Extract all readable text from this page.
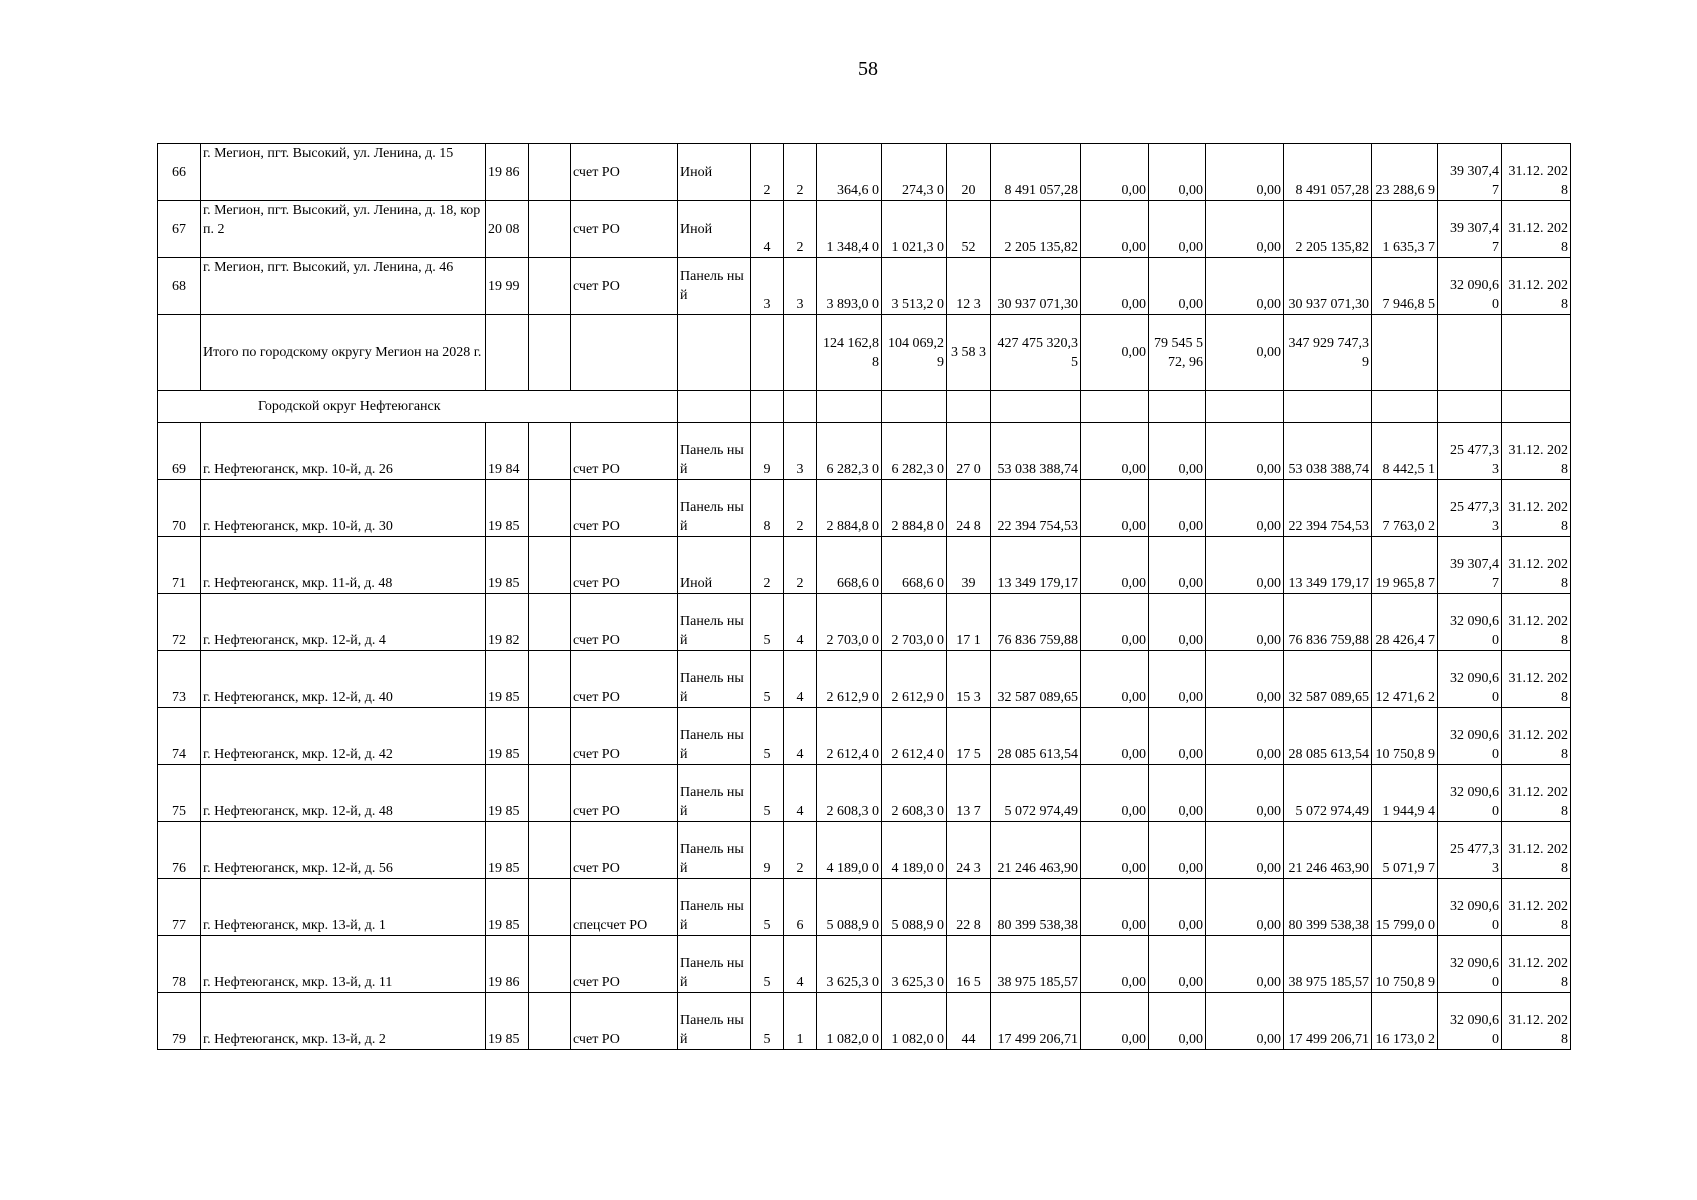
58
66	г. Мегион, пгт. Высокий, ул. Ленина, д. 15	19 86		счет РО	Иной	2	2	364,6 0	274,3 0	20	8 491 057,28	0,00	0,00	0,00	8 491 057,28	23 288,6 9	39 307,4 7	31.12. 2028
67	г. Мегион, пгт. Высокий, ул. Ленина, д. 18, корп. 2	20 08		счет РО	Иной	4	2	1 348,4 0	1 021,3 0	52	2 205 135,82	0,00	0,00	0,00	2 205 135,82	1 635,3 7	39 307,4 7	31.12. 2028
68	г. Мегион, пгт. Высокий, ул. Ленина, д. 46	19 99		счет РО	Панель ный	3	3	3 893,0 0	3 513,2 0	12 3	30 937 071,30	0,00	0,00	0,00	30 937 071,30	7 946,8 5	32 090,6 0	31.12. 2028
	Итого по городскому округу Мегион на 2028 г.							124 162,8 8	104 069,2 9	3 58 3	427 475 320,35	0,00	79 545 572, 96	0,00	347 929 747,39			
Городской округ Нефтеюганск																		
69	г. Нефтеюганск, мкр. 10-й, д. 26	19 84		счет РО	Панель ный	9	3	6 282,3 0	6 282,3 0	27 0	53 038 388,74	0,00	0,00	0,00	53 038 388,74	8 442,5 1	25 477,3 3	31.12. 2028
70	г. Нефтеюганск, мкр. 10-й, д. 30	19 85		счет РО	Панель ный	8	2	2 884,8 0	2 884,8 0	24 8	22 394 754,53	0,00	0,00	0,00	22 394 754,53	7 763,0 2	25 477,3 3	31.12. 2028
71	г. Нефтеюганск, мкр. 11-й, д. 48	19 85		счет РО	Иной	2	2	668,6 0	668,6 0	39	13 349 179,17	0,00	0,00	0,00	13 349 179,17	19 965,8 7	39 307,4 7	31.12. 2028
72	г. Нефтеюганск, мкр. 12-й, д. 4	19 82		счет РО	Панель ный	5	4	2 703,0 0	2 703,0 0	17 1	76 836 759,88	0,00	0,00	0,00	76 836 759,88	28 426,4 7	32 090,6 0	31.12. 2028
73	г. Нефтеюганск, мкр. 12-й, д. 40	19 85		счет РО	Панель ный	5	4	2 612,9 0	2 612,9 0	15 3	32 587 089,65	0,00	0,00	0,00	32 587 089,65	12 471,6 2	32 090,6 0	31.12. 2028
74	г. Нефтеюганск, мкр. 12-й, д. 42	19 85		счет РО	Панель ный	5	4	2 612,4 0	2 612,4 0	17 5	28 085 613,54	0,00	0,00	0,00	28 085 613,54	10 750,8 9	32 090,6 0	31.12. 2028
75	г. Нефтеюганск, мкр. 12-й, д. 48	19 85		счет РО	Панель ный	5	4	2 608,3 0	2 608,3 0	13 7	5 072 974,49	0,00	0,00	0,00	5 072 974,49	1 944,9 4	32 090,6 0	31.12. 2028
76	г. Нефтеюганск, мкр. 12-й, д. 56	19 85		счет РО	Панель ный	9	2	4 189,0 0	4 189,0 0	24 3	21 246 463,90	0,00	0,00	0,00	21 246 463,90	5 071,9 7	25 477,3 3	31.12. 2028
77	г. Нефтеюганск, мкр. 13-й, д. 1	19 85		спецсчет РО	Панель ный	5	6	5 088,9 0	5 088,9 0	22 8	80 399 538,38	0,00	0,00	0,00	80 399 538,38	15 799,0 0	32 090,6 0	31.12. 2028
78	г. Нефтеюганск, мкр. 13-й, д. 11	19 86		счет РО	Панель ный	5	4	3 625,3 0	3 625,3 0	16 5	38 975 185,57	0,00	0,00	0,00	38 975 185,57	10 750,8 9	32 090,6 0	31.12. 2028
79	г. Нефтеюганск, мкр. 13-й, д. 2	19 85		счет РО	Панель ный	5	1	1 082,0 0	1 082,0 0	44	17 499 206,71	0,00	0,00	0,00	17 499 206,71	16 173,0 2	32 090,6 0	31.12. 2028
